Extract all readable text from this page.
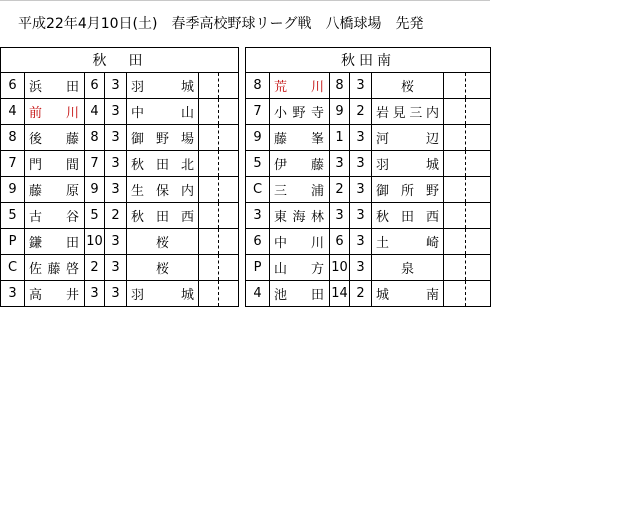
平成22年4月10日(土)　春季高校野球リーグ戦　八橋球場　先発
秋　田						
6	浜　田	6	3	羽　城		
4	前　川	4	3	中　山		
8	後　藤	8	3	御野場		
7	門　間	7	3	秋田北		
9	藤　原	9	3	生保内		
5	古　谷	5	2	秋田西		
P	鎌　田	10	3	桜		
C	佐藤啓	2	3	桜		
3	高　井	3	3	羽　城		
秋田南						
8	荒　川	8	3	桜		
7	小野寺	9	2	岩見三内		
9	藤　峯	1	3	河　辺		
5	伊　藤	3	3	羽　城		
C	三　浦	2	3	御所野		
3	東海林	3	3	秋田西		
6	中　川	6	3	土　崎		
P	山　方	10	3	泉		
4	池　田	14	2	城　南		
